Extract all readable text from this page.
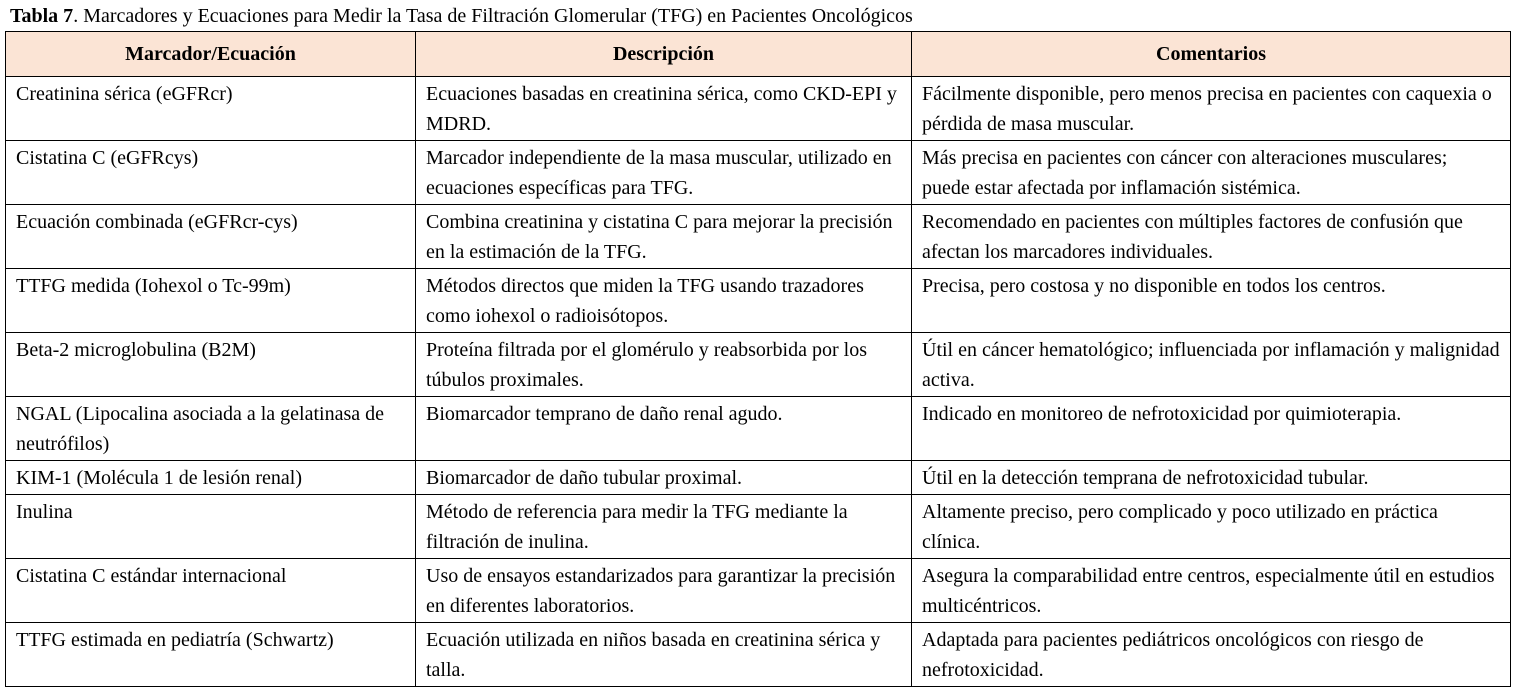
Tabla 7. Marcadores y Ecuaciones para Medir la Tasa de Filtración Glomerular (TFG) en Pacientes Oncológicos
Marcador/Ecuación	Descripción	Comentarios
Creatinina sérica (eGFRcr)	Ecuaciones basadas en creatinina sérica, como CKD-EPI y MDRD.	Fácilmente disponible, pero menos precisa en pacientes con caquexia o pérdida de masa muscular.
Cistatina C (eGFRcys)	Marcador independiente de la masa muscular, utilizado en ecuaciones específicas para TFG.	Más precisa en pacientes con cáncer con alteraciones musculares; puede estar afectada por inflamación sistémica.
Ecuación combinada (eGFRcr-cys)	Combina creatinina y cistatina C para mejorar la precisión en la estimación de la TFG.	Recomendado en pacientes con múltiples factores de confusión que afectan los marcadores individuales.
TTFG medida (Iohexol o Tc-99m)	Métodos directos que miden la TFG usando trazadores como iohexol o radioisótopos.	Precisa, pero costosa y no disponible en todos los centros.
Beta-2 microglobulina (B2M)	Proteína filtrada por el glomérulo y reabsorbida por los túbulos proximales.	Útil en cáncer hematológico; influenciada por inflamación y malignidad activa.
NGAL (Lipocalina asociada a la gelatinasa de neutrófilos)	Biomarcador temprano de daño renal agudo.	Indicado en monitoreo de nefrotoxicidad por quimioterapia.
KIM-1 (Molécula 1 de lesión renal)	Biomarcador de daño tubular proximal.	Útil en la detección temprana de nefrotoxicidad tubular.
Inulina	Método de referencia para medir la TFG mediante la filtración de inulina.	Altamente preciso, pero complicado y poco utilizado en práctica clínica.
Cistatina C estándar internacional	Uso de ensayos estandarizados para garantizar la precisión en diferentes laboratorios.	Asegura la comparabilidad entre centros, especialmente útil en estudios multicéntricos.
TTFG estimada en pediatría (Schwartz)	Ecuación utilizada en niños basada en creatinina sérica y talla.	Adaptada para pacientes pediátricos oncológicos con riesgo de nefrotoxicidad.
